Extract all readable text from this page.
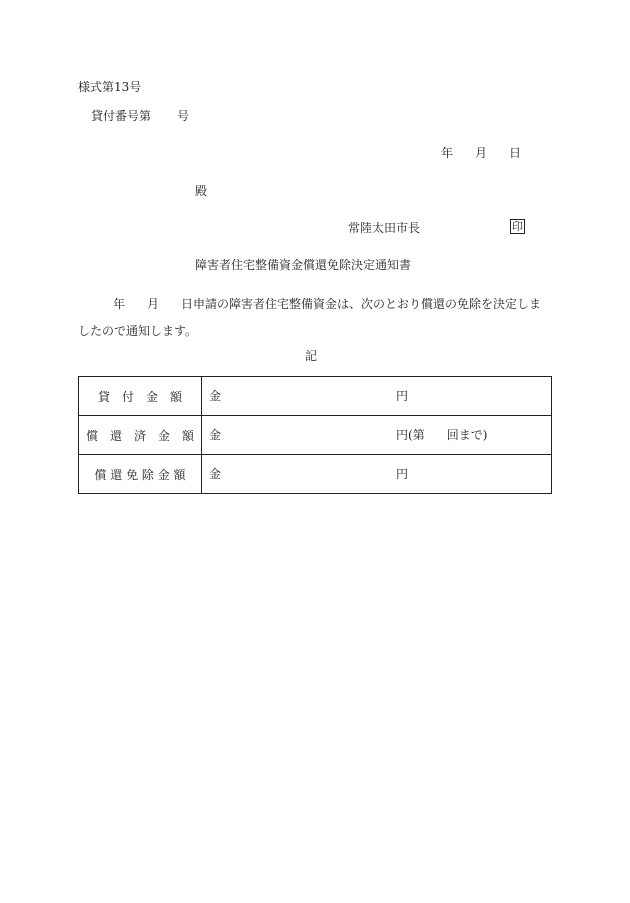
様式第13号
貸付番号第 号
年 月 日
殿
常陸太田市長	印
障害者住宅整備資金償還免除決定通知書
年 月 日申請の障害者住宅整備資金は、次のとおり償還の免除を決定しましたので通知します。
記
貸　付　金　額	金 円

償　還　済　金　額	金 円(第 回まで)

償 還 免 除 金 額	金 円
